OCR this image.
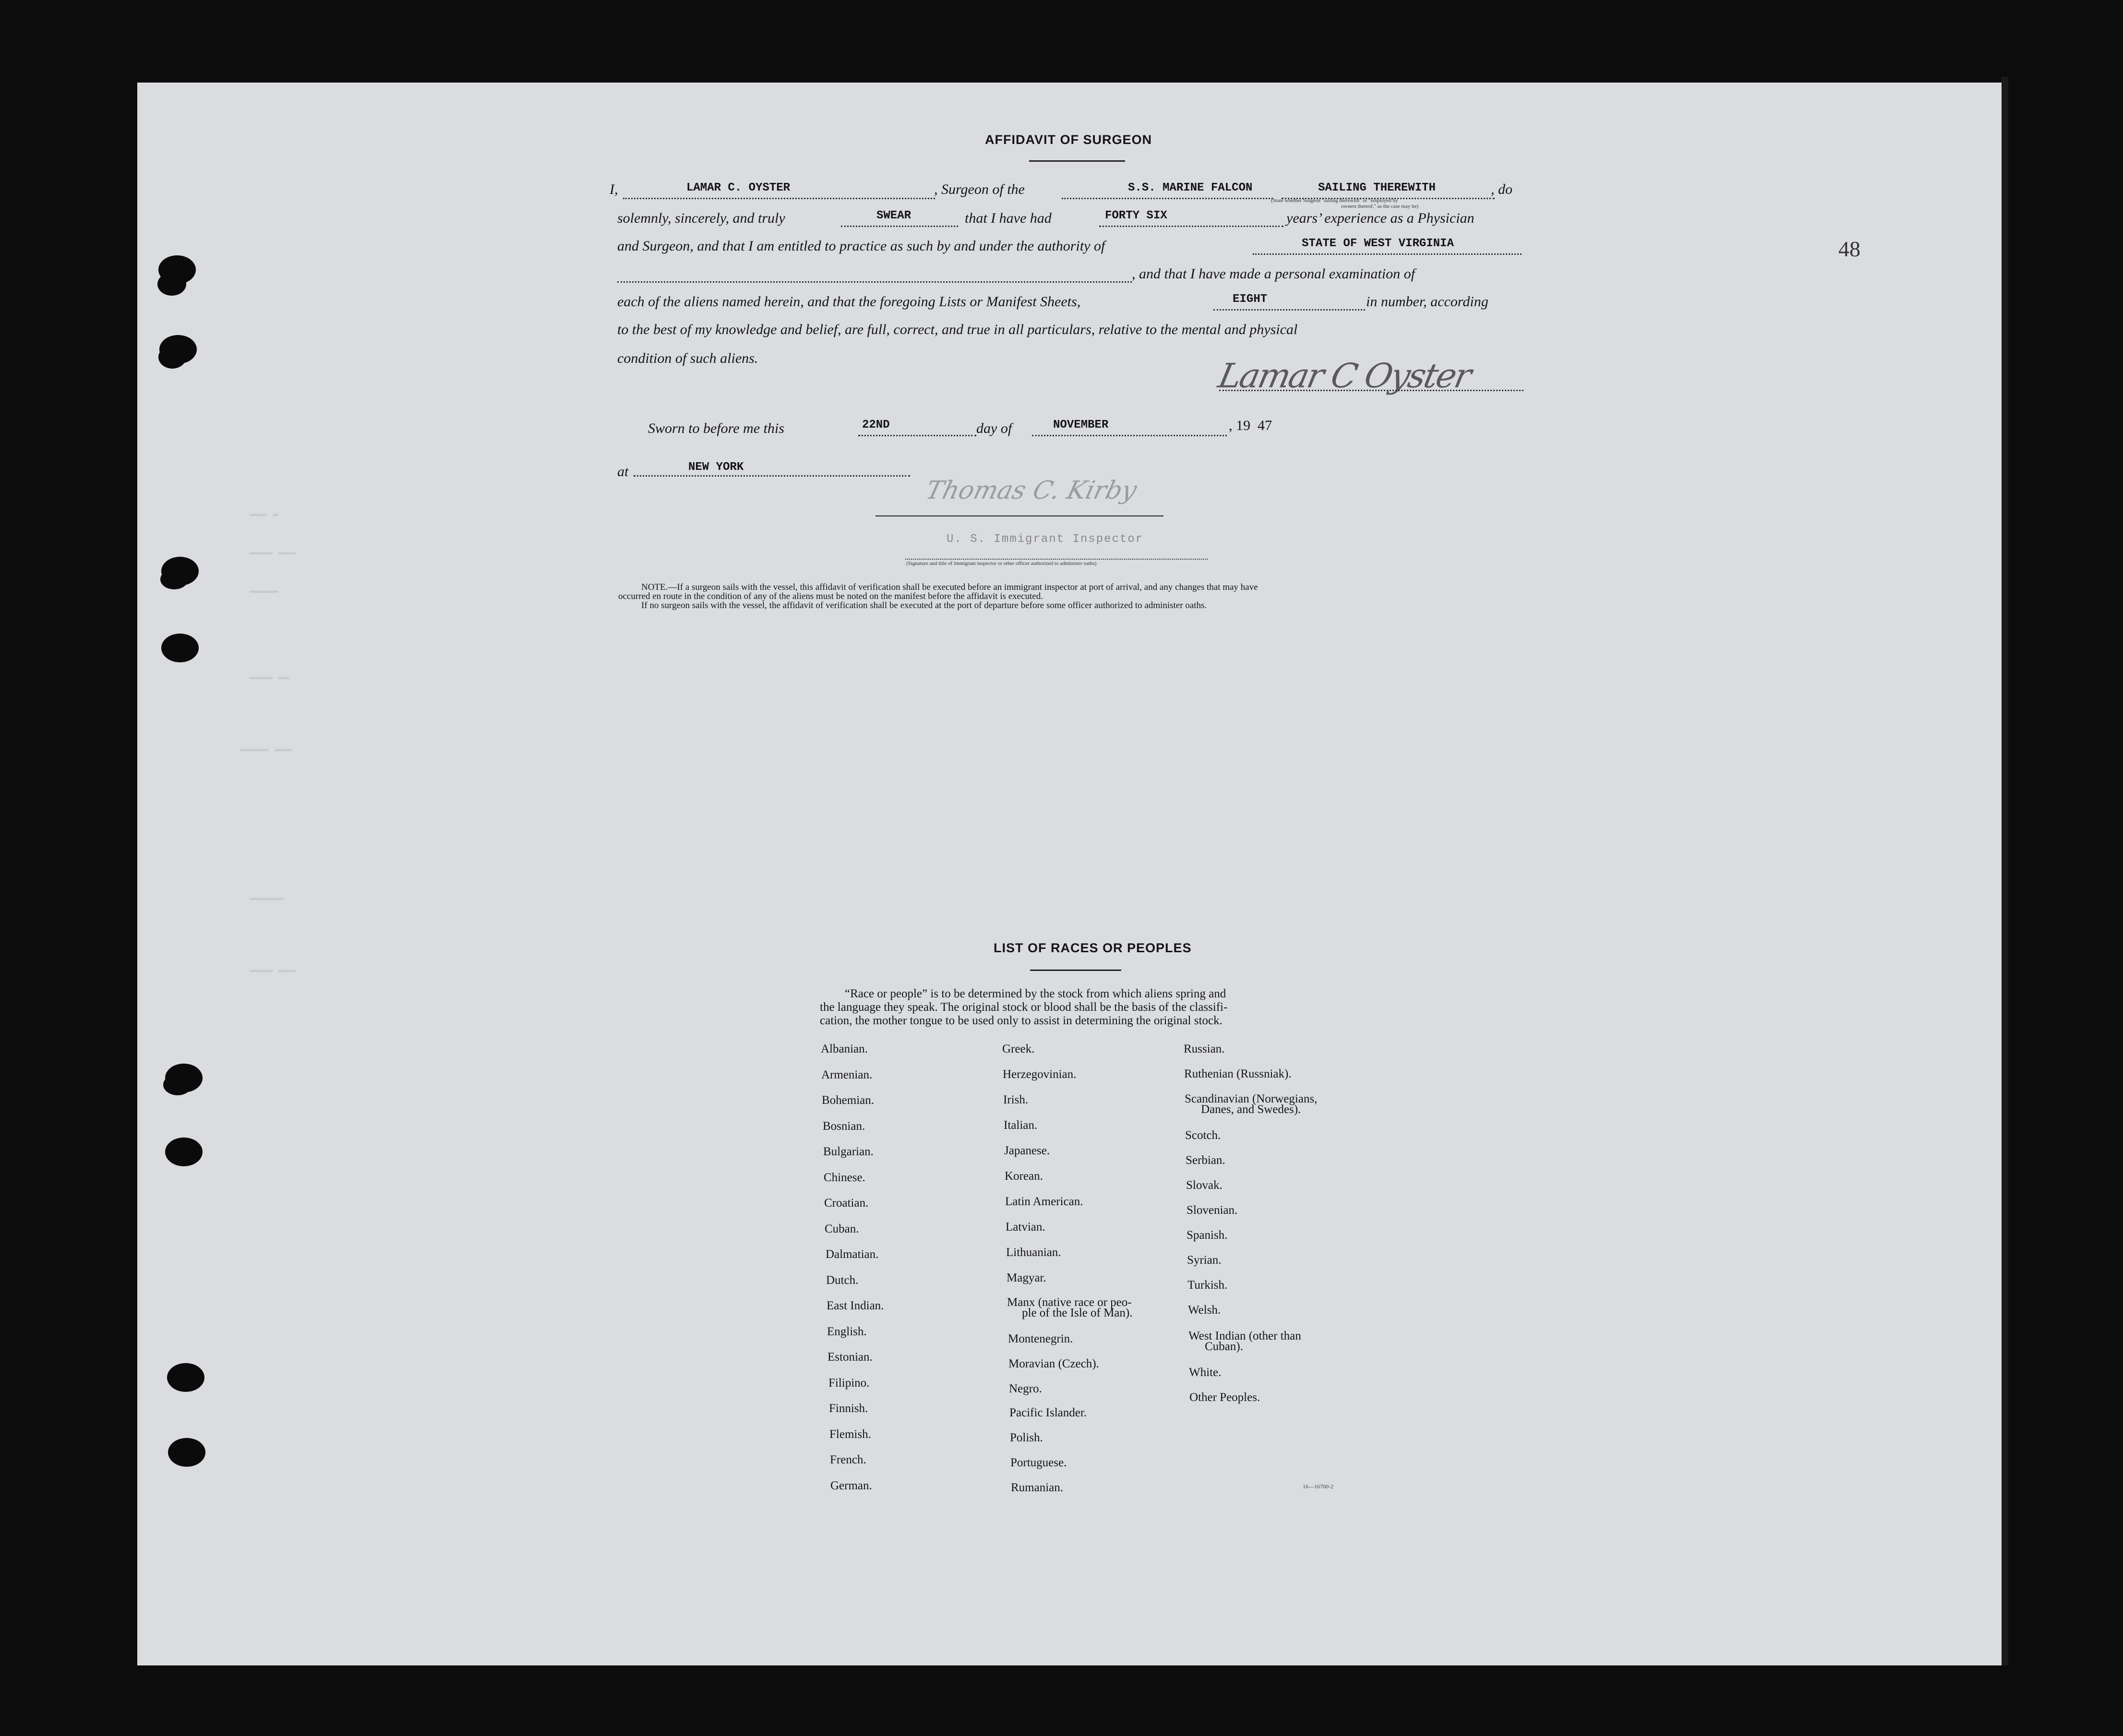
▬▬▬ ▬
▬▬▬▬ ▬▬▬
▬▬▬▬▬
▬▬▬▬ ▬▬
▬▬▬▬▬ ▬▬▬
▬▬▬▬▬▬
▬▬▬▬ ▬▬▬
48
AFFIDAVIT OF SURGEON
I,	LAMAR C. OYSTER	, Surgeon of the	S.S. MARINE FALCON	SAILING THEREWITH	, do
(State whether Surgeon "sailing therewith" or "employed by
owners thereof," as the case may be)
solemnly, sincerely, and truly	SWEAR	that I have had	FORTY SIX	years’ experience as a Physician
and Surgeon, and that I am entitled to practice as such by and under the authority of	STATE OF WEST VIRGINIA
, and that I have made a personal examination of
each of the aliens named herein, and that the foregoing Lists or Manifest Sheets,	EIGHT	in number, according
to the best of my knowledge and belief, are full, correct, and true in all particulars, relative to the mental and physical
condition of such aliens.	Lamar C Oyster
Sworn to before me this	22ND	day of	NOVEMBER	, 19 47
at	NEW YORK
Thomas C. Kirby
U. S. Immigrant Inspector
(Signature and title of immigrant inspector or other officer authorized to administer oaths)
NOTE.—If a surgeon sails with the vessel, this affidavit of verification shall be executed before an immigrant inspector at port of arrival, and any changes that may have
occurred en route in the condition of any of the aliens must be noted on the manifest before the affidavit is executed.
If no surgeon sails with the vessel, the affidavit of verification shall be executed at the port of departure before some officer authorized to administer oaths.
LIST OF RACES OR PEOPLES
“Race or people” is to be determined by the stock from which aliens spring and
the language they speak. The original stock or blood shall be the basis of the classifi-
cation, the mother tongue to be used only to assist in determining the original stock.
16—16700-2
Albanian.
Armenian.
Bohemian.
Bosnian.
Bulgarian.
Chinese.
Croatian.
Cuban.
Dalmatian.
Dutch.
East Indian.
English.
Estonian.
Filipino.
Finnish.
Flemish.
French.
German.
Greek.
Herzegovinian.
Irish.
Italian.
Japanese.
Korean.
Latin American.
Latvian.
Lithuanian.
Magyar.
Manx (native race or peo-
ple of the Isle of Man).
Montenegrin.
Moravian (Czech).
Negro.
Pacific Islander.
Polish.
Portuguese.
Rumanian.
Russian.
Ruthenian (Russniak).
Scandinavian (Norwegians,
Danes, and Swedes).
Scotch.
Serbian.
Slovak.
Slovenian.
Spanish.
Syrian.
Turkish.
Welsh.
West Indian (other than
Cuban).
White.
Other Peoples.
